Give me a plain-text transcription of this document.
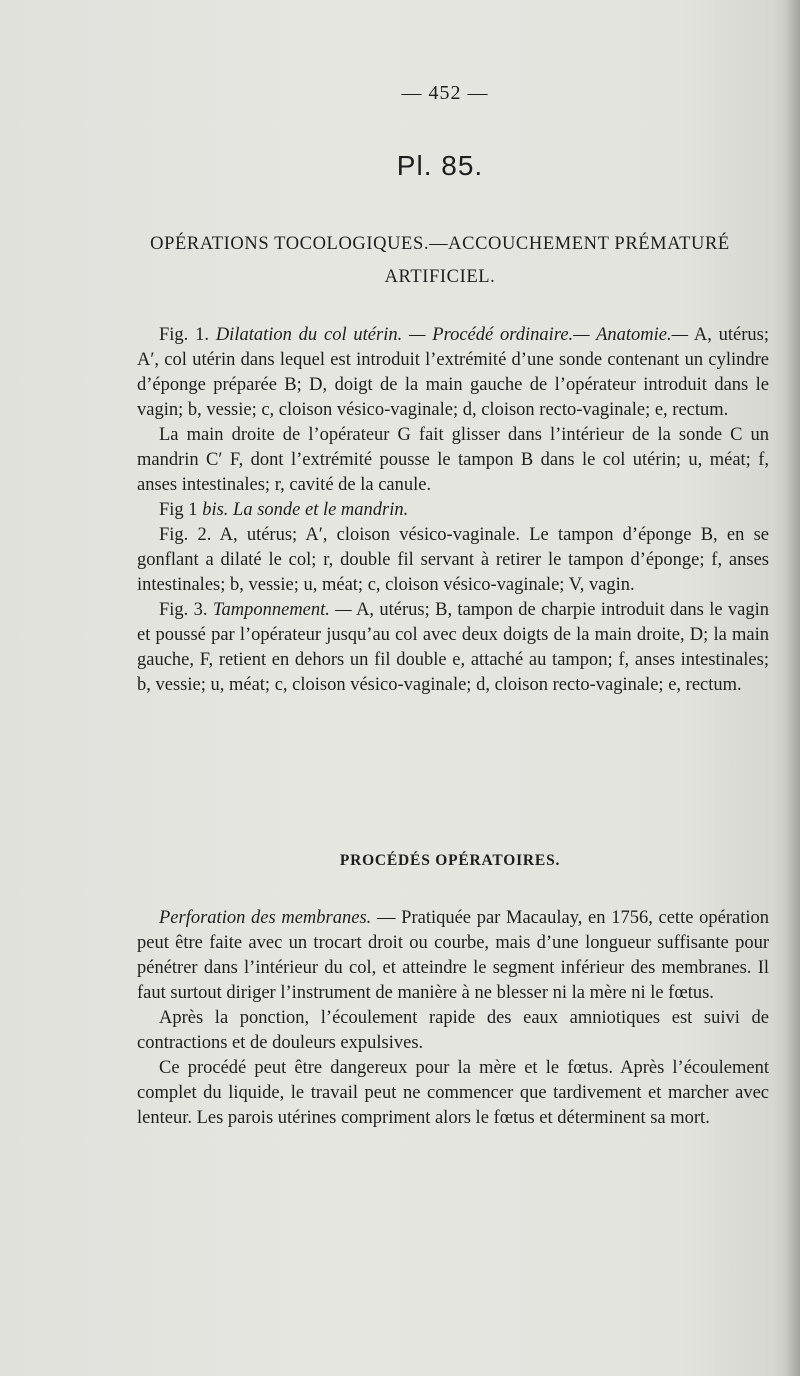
— 452 —
Pl. 85.
OPÉRATIONS TOCOLOGIQUES.—ACCOUCHEMENT PRÉMATURÉ
ARTIFICIEL.

Fig. 1. Dilatation du col utérin. — Procédé ordinaire.— Anatomie.— A, utérus; A′, col utérin dans lequel est introduit l’extrémité d’une sonde contenant un cylindre d’éponge préparée B; D, doigt de la main gauche de l’opérateur introduit dans le vagin; b, vessie; c, cloison vésico-vaginale; d, cloison recto-vaginale; e, rectum.

La main droite de l’opérateur G fait glisser dans l’intérieur de la sonde C un mandrin C′ F, dont l’extrémité pousse le tampon B dans le col utérin; u, méat; f, anses intestinales; r, cavité de la canule.

Fig 1 bis. La sonde et le mandrin.

Fig. 2. A, utérus; A′, cloison vésico-vaginale. Le tampon d’éponge B, en se gonflant a dilaté le col; r, double fil servant à retirer le tampon d’éponge; f, anses intestinales; b, vessie; u, méat; c, cloison vésico-vaginale; V, vagin.

Fig. 3. Tamponnement. — A, utérus; B, tampon de charpie introduit dans le vagin et poussé par l’opérateur jusqu’au col avec deux doigts de la main droite, D; la main gauche, F, retient en dehors un fil double e, attaché au tampon; f, anses intestinales; b, vessie; u, méat; c, cloison vésico-vaginale; d, cloison recto-vaginale; e, rectum.

PROCÉDÉS OPÉRATOIRES.

Perforation des membranes. — Pratiquée par Macaulay, en 1756, cette opération peut être faite avec un trocart droit ou courbe, mais d’une longueur suffisante pour pénétrer dans l’intérieur du col, et atteindre le segment inférieur des membranes. Il faut surtout diriger l’instrument de manière à ne blesser ni la mère ni le fœtus.

Après la ponction, l’écoulement rapide des eaux amniotiques est suivi de contractions et de douleurs expulsives.

Ce procédé peut être dangereux pour la mère et le fœtus. Après l’écoulement complet du liquide, le travail peut ne commencer que tardivement et marcher avec lenteur. Les parois utérines compriment alors le fœtus et déterminent sa mort.
